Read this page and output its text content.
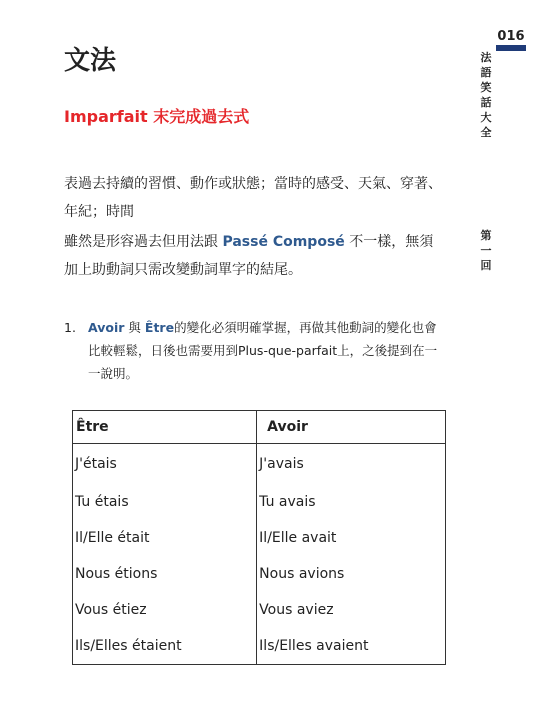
文法
Imparfait 末完成過去式

表過去持續的習慣、動作或狀態；當時的感受、天氣、穿著、年紀；時間

雖然是形容過去但用法跟 Passé Composé 不一樣，無須加上助動詞只需改變動詞單字的結尾。

1. Avoir 與 Être的變化必須明確掌握，再做其他動詞的變化也會比較輕鬆，日後也需要用到Plus-que-parfait上，之後提到在一一說明。
Être	Avoir

J'étais	J'avais

Tu étais	Tu avais

Il/Elle était	Il/Elle avait

Nous étions	Nous avions

Vous étiez	Vous aviez

Ils/Elles étaient	Ils/Elles avaient
016
法語笑話大全
第一回
